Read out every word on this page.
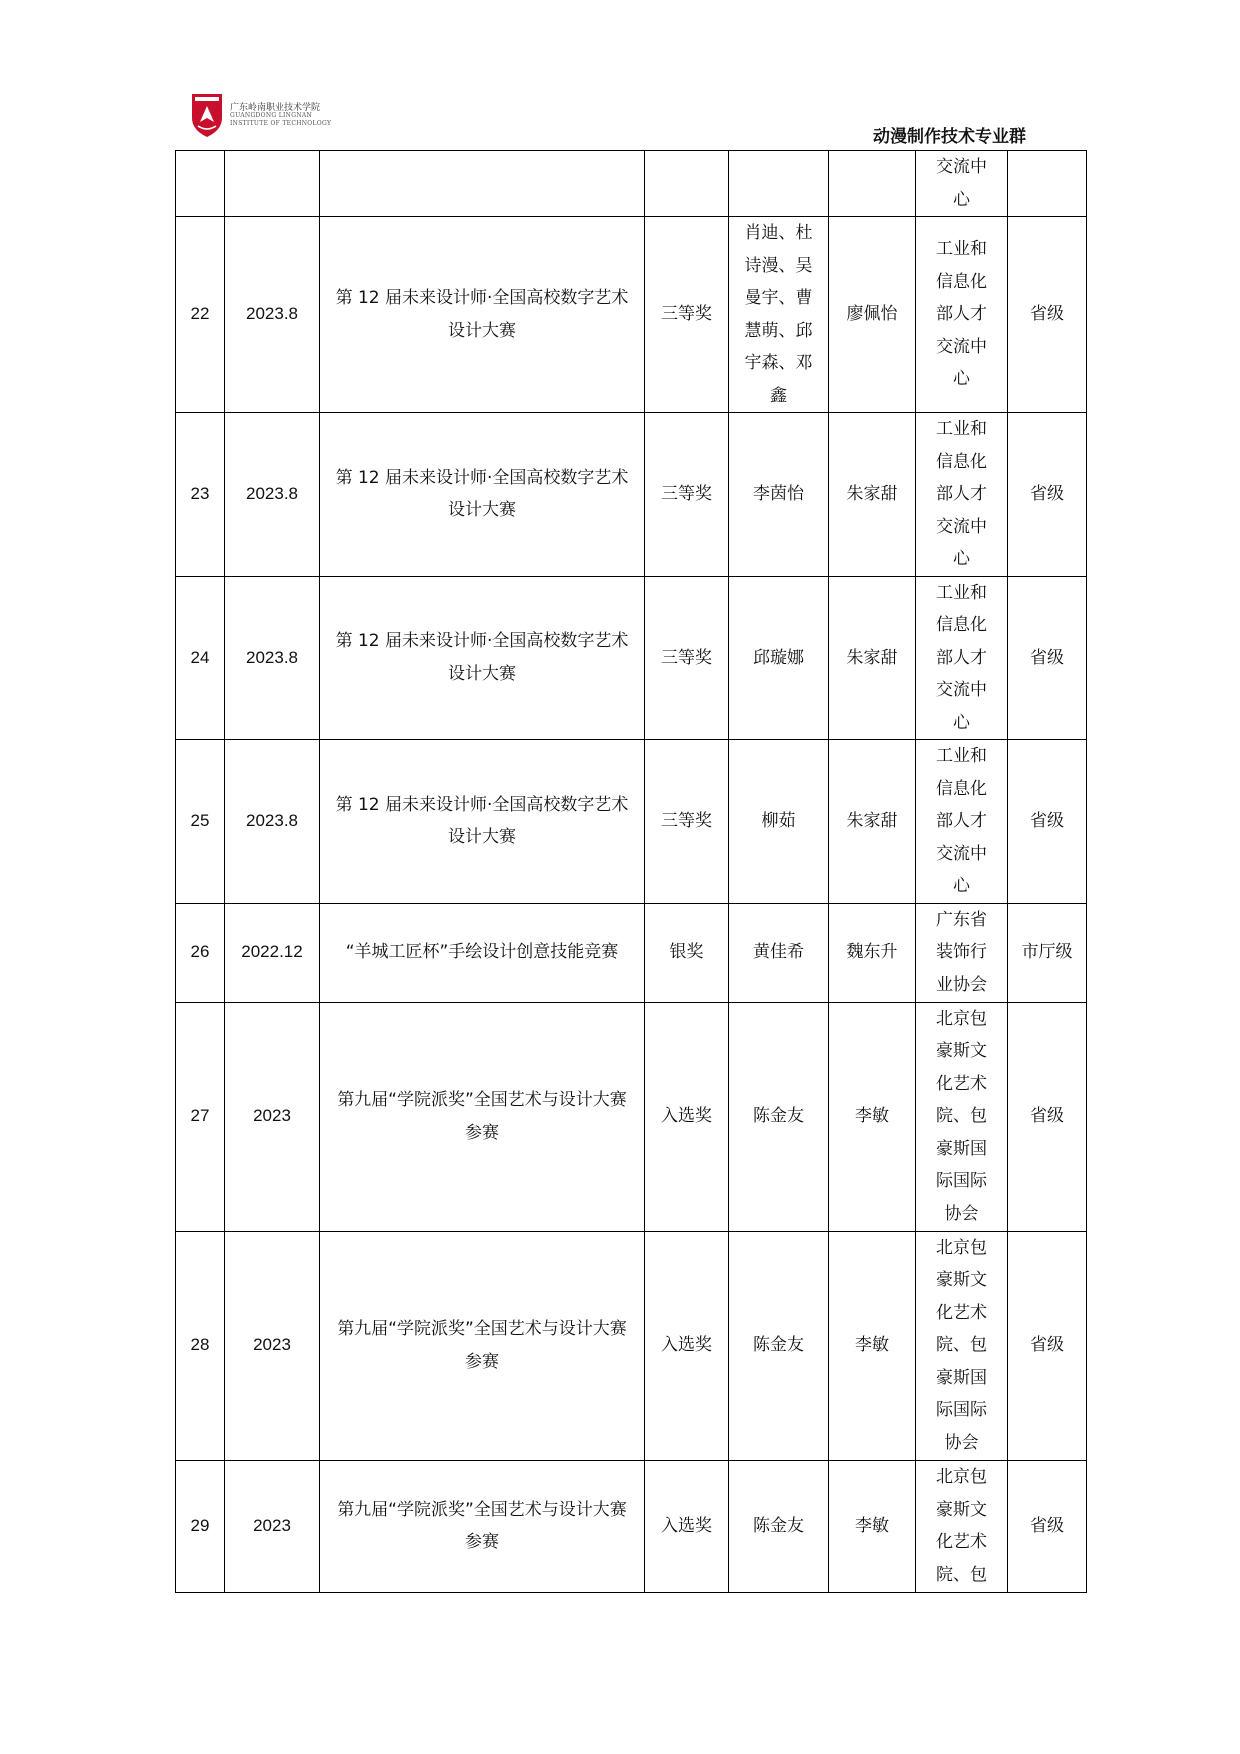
广东岭南职业技术学院
GUANGDONG LINGNAN
INSTITUTE OF TECHNOLOGY
动漫制作技术专业群
						交流中心	
22	2023.8	第 12 届未来设计师·全国高校数字艺术设计大赛	三等奖	肖迪、杜诗漫、吴曼宇、曹慧萌、邱宇森、邓鑫	廖佩怡	工业和信息化部人才交流中心	省级
23	2023.8	第 12 届未来设计师·全国高校数字艺术设计大赛	三等奖	李茵怡	朱家甜	工业和信息化部人才交流中心	省级
24	2023.8	第 12 届未来设计师·全国高校数字艺术设计大赛	三等奖	邱璇娜	朱家甜	工业和信息化部人才交流中心	省级
25	2023.8	第 12 届未来设计师·全国高校数字艺术设计大赛	三等奖	柳茹	朱家甜	工业和信息化部人才交流中心	省级
26	2022.12	“羊城工匠杯”手绘设计创意技能竞赛	银奖	黄佳希	魏东升	广东省装饰行业协会	市厅级
27	2023	第九届“学院派奖”全国艺术与设计大赛 参赛	入选奖	陈金友	李敏	北京包豪斯文化艺术院、包豪斯国际国际协会	省级
28	2023	第九届“学院派奖”全国艺术与设计大赛 参赛	入选奖	陈金友	李敏	北京包豪斯文化艺术院、包豪斯国际国际协会	省级
29	2023	第九届“学院派奖”全国艺术与设计大赛 参赛	入选奖	陈金友	李敏	北京包豪斯文化艺术院、包	省级
